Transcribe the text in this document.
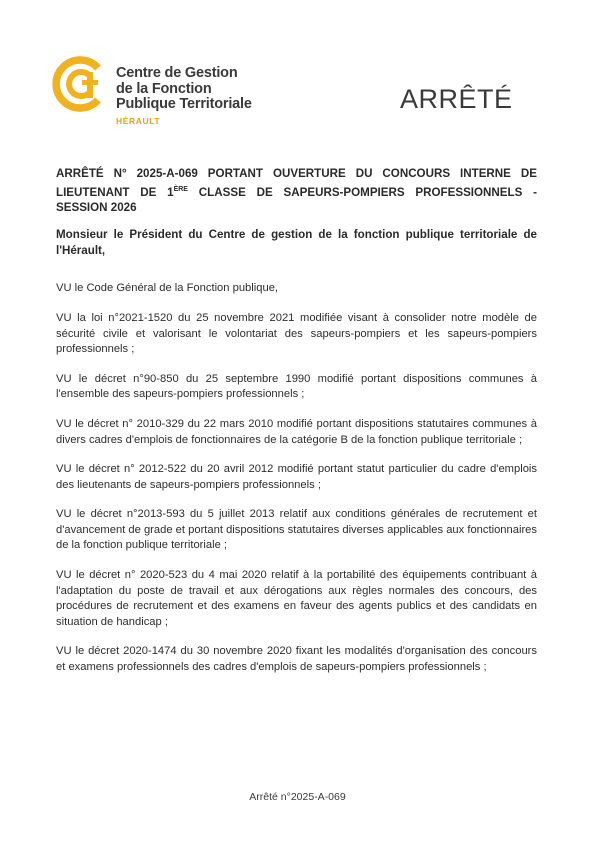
Centre de Gestion
de la Fonction
Publique Territoriale
HÉRAULT
ARRÊTÉ

ARRÊTÉ N° 2025-A-069 PORTANT OUVERTURE DU CONCOURS INTERNE DE LIEUTENANT DE 1ÈRE CLASSE DE SAPEURS-POMPIERS PROFESSIONNELS - SESSION 2026

Monsieur le Président du Centre de gestion de la fonction publique territoriale de l'Hérault,

VU le Code Général de la Fonction publique,

VU la loi n°2021-1520 du 25 novembre 2021 modifiée visant à consolider notre modèle de sécurité civile et valorisant le volontariat des sapeurs-pompiers et les sapeurs-pompiers professionnels ;

VU le décret n°90-850 du 25 septembre 1990 modifié portant dispositions communes à l'ensemble des sapeurs-pompiers professionnels ;

VU le décret n° 2010-329 du 22 mars 2010 modifié portant dispositions statutaires communes à divers cadres d'emplois de fonctionnaires de la catégorie B de la fonction publique territoriale ;

VU le décret n° 2012-522 du 20 avril 2012 modifié portant statut particulier du cadre d'emplois des lieutenants de sapeurs-pompiers professionnels ;

VU le décret n°2013-593 du 5 juillet 2013 relatif aux conditions générales de recrutement et d'avancement de grade et portant dispositions statutaires diverses applicables aux fonctionnaires de la fonction publique territoriale ;

VU le décret n° 2020-523 du 4 mai 2020 relatif à la portabilité des équipements contribuant à l'adaptation du poste de travail et aux dérogations aux règles normales des concours, des procédures de recrutement et des examens en faveur des agents publics et des candidats en situation de handicap ;

VU le décret 2020-1474 du 30 novembre 2020 fixant les modalités d'organisation des concours et examens professionnels des cadres d'emplois de sapeurs-pompiers professionnels ;

Arrêté n°2025-A-069
